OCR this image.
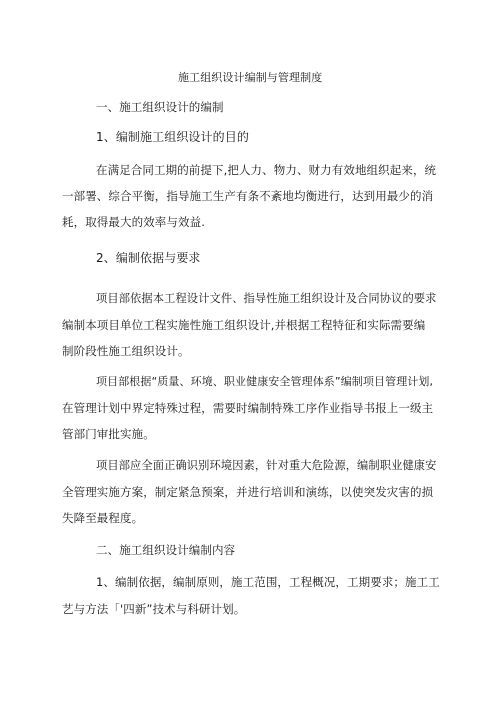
施工组织设计编制与管理制度
一、施工组织设计的编制
1、编制施工组织设计的目的
在满足合同工期的前提下,把人力、物力、财力有效地组织起来，统
一部署、综合平衡，指导施工生产有条不紊地均衡进行，达到用最少的消
耗，取得最大的效率与效益.
2、编制依据与要求
项目部依据本工程设计文件、指导性施工组织设计及合同协议的要求
编制本项目单位工程实施性施工组织设计,并根据工程特征和实际需要编
制阶段性施工组织设计。
项目部根据“质量、环境、职业健康安全管理体系”编制项目管理计划,
在管理计划中界定特殊过程，需要时编制特殊工序作业指导书报上一级主
管部门审批实施。
项目部应全面正确识别环境因素，针对重大危险源，编制职业健康安
全管理实施方案，制定紧急预案，并进行培训和演练，以使突发灾害的损
失降至最程度。
二、施工组织设计编制内容
1、编制依据，编制原则，施工范围，工程概况，工期要求；施工工
艺与方法「'四新”技术与科研计划。
